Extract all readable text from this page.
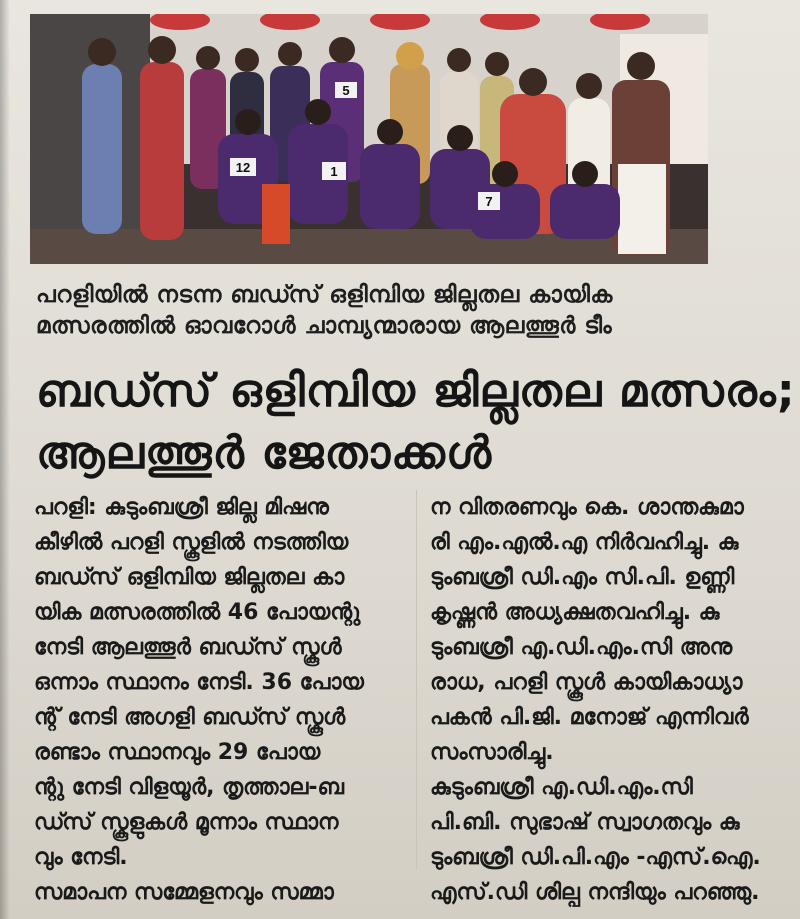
5
12	1
7
പറളിയിൽ നടന്ന ബഡ്സ് ഒളിമ്പിയ ജില്ലതല കായിക
മത്സരത്തിൽ ഓവറോൾ ചാമ്പ്യന്മാരായ ആലത്തൂർ ടീം
ബഡ്സ് ഒളിമ്പിയ ജില്ലതല മത്സരം;
ആലത്തൂർ ജേതാക്കൾ
പറളി: കുടുംബശ്രീ ജില്ല മിഷനു
കീഴിൽ പറളി സ്കൂളിൽ നടത്തിയ
ബഡ്സ് ഒളിമ്പിയ ജില്ലതല കാ
യിക മത്സരത്തിൽ 46 പോയന്റു
നേടി ആലത്തൂർ ബഡ്സ് സ്കൂൾ
ഒന്നാം സ്ഥാനം നേടി. 36 പോയ
ന്റ് നേടി അഗളി ബഡ്സ് സ്കൂൾ
രണ്ടാം സ്ഥാനവും 29 പോയ
ന്റു നേടി വിളയൂർ, തൃത്താല-ബ
ഡ്സ് സ്കൂളുകൾ മൂന്നാം സ്ഥാന
വും നേടി.
സമാപന സമ്മേളനവും സമ്മാ
ന വിതരണവും കെ. ശാന്തകുമാ
രി എം.എൽ.എ നിർവഹിച്ചു. കു
ടുംബശ്രീ ഡി.എം സി.പി. ഉണ്ണി
കൃഷ്ണൻ അധ്യക്ഷതവഹിച്ചു. കു
ടുംബശ്രീ എ.ഡി.എം.സി അനു
രാധ, പറളി സ്കൂൾ കായികാധ്യാ
പകൻ പി.ജി. മനോജ് എന്നിവർ
സംസാരിച്ചു.
കുടുംബശ്രീ എ.ഡി.എം.സി
പി.ബി. സുഭാഷ് സ്വാഗതവും കു
ടുംബശ്രീ ഡി.പി.എം -എസ്.ഐ.
എസ്.ഡി ശില്പ നന്ദിയും പറഞ്ഞു.
